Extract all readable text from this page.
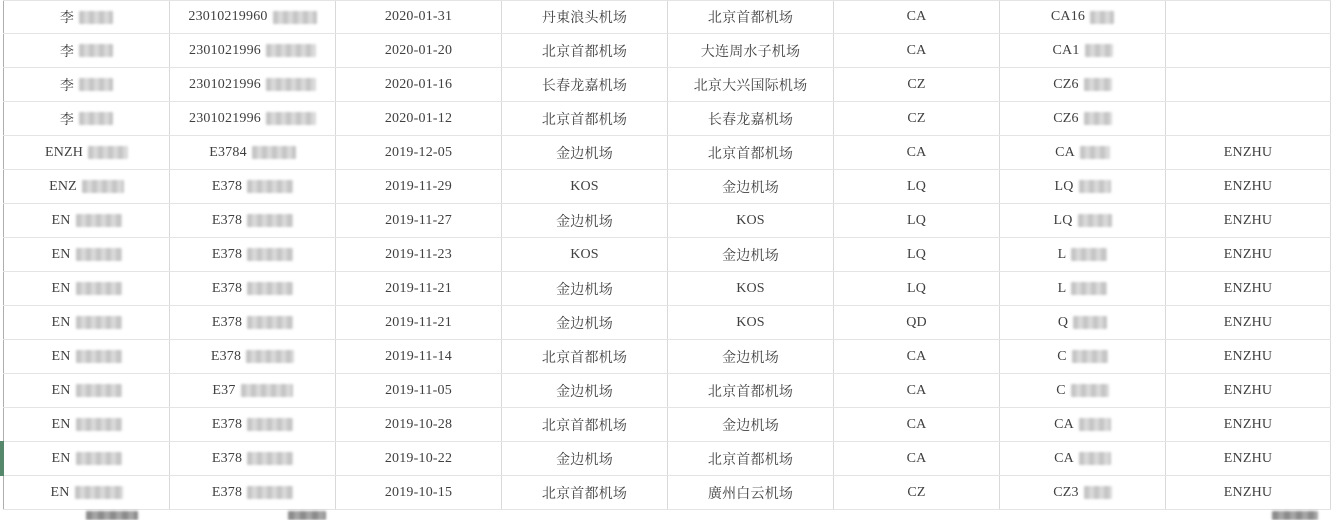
李	23010219960	2020-01-31	丹東浪头机场	北京首都机场	CA	CA16
李	2301021996	2020-01-20	北京首都机场	大连周水子机场	CA	CA1
李	2301021996	2020-01-16	长春龙嘉机场	北京大兴国际机场	CZ	CZ6
李	2301021996	2020-01-12	北京首都机场	长春龙嘉机场	CZ	CZ6
ENZH	E3784	2019-12-05	金边机场	北京首都机场	CA	CA	ENZHU
ENZ	E378	2019-11-29	KOS	金边机场	LQ	LQ	ENZHU
EN	E378	2019-11-27	金边机场	KOS	LQ	LQ	ENZHU
EN	E378	2019-11-23	KOS	金边机场	LQ	L	ENZHU
EN	E378	2019-11-21	金边机场	KOS	LQ	L	ENZHU
EN	E378	2019-11-21	金边机场	KOS	QD	Q	ENZHU
EN	E378	2019-11-14	北京首都机场	金边机场	CA	C	ENZHU
EN	E37	2019-11-05	金边机场	北京首都机场	CA	C	ENZHU
EN	E378	2019-10-28	北京首都机场	金边机场	CA	CA	ENZHU
EN	E378	2019-10-22	金边机场	北京首都机场	CA	CA	ENZHU
EN	E378	2019-10-15	北京首都机场	廣州白云机场	CZ	CZ3	ENZHU
